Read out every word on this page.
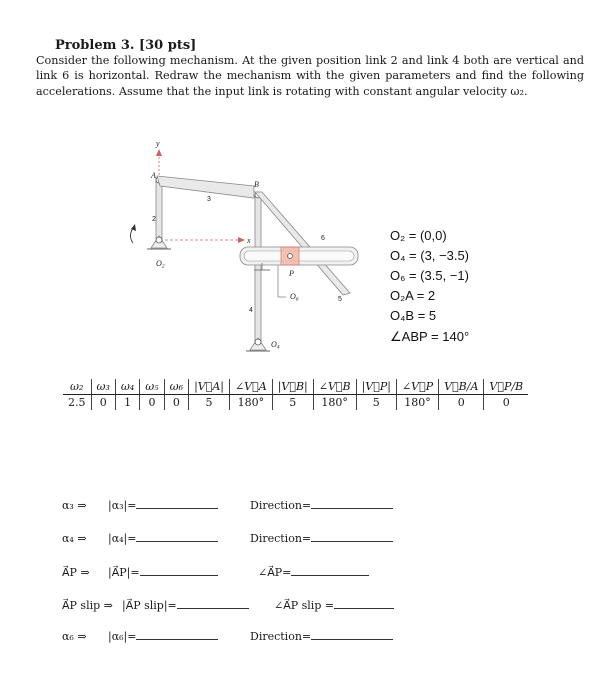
Problem 3. [30 pts]
Consider the following mechanism. At the given position link 2 and link 4 both are vertical and link 6 is horizontal. Redraw the mechanism with the given parameters and find the following accelerations. Assume that the input link is rotating with constant angular velocity ω₂.
y
x
2
O2
A
3
4
B
5
6
P
O6
O4
O₂ = (0,0)
O₄ = (3, −3.5)
O₆ = (3.5, −1)
O₂A = 2
O₄B = 5
∠ABP = 140°
ω₂	ω₃	ω₄	ω₅	ω₆	|V⃗A|	∠V⃗A	|V⃗B|	∠V⃗B	|V⃗P|	∠V⃗P	V⃗B/A	V⃗P/B
2.5	0	1	0	0	5	180°	5	180°	5	180°	0	0
α₃ ⇒ |α₃|=	Direction=
α₄ ⇒ |α₄|=	Direction=
A⃗P ⇒ |A⃗P|=	∠A⃗P=
A⃗P slip ⇒ |A⃗P slip|=	∠A⃗P slip =
α₆ ⇒ |α₆|=	Direction=
